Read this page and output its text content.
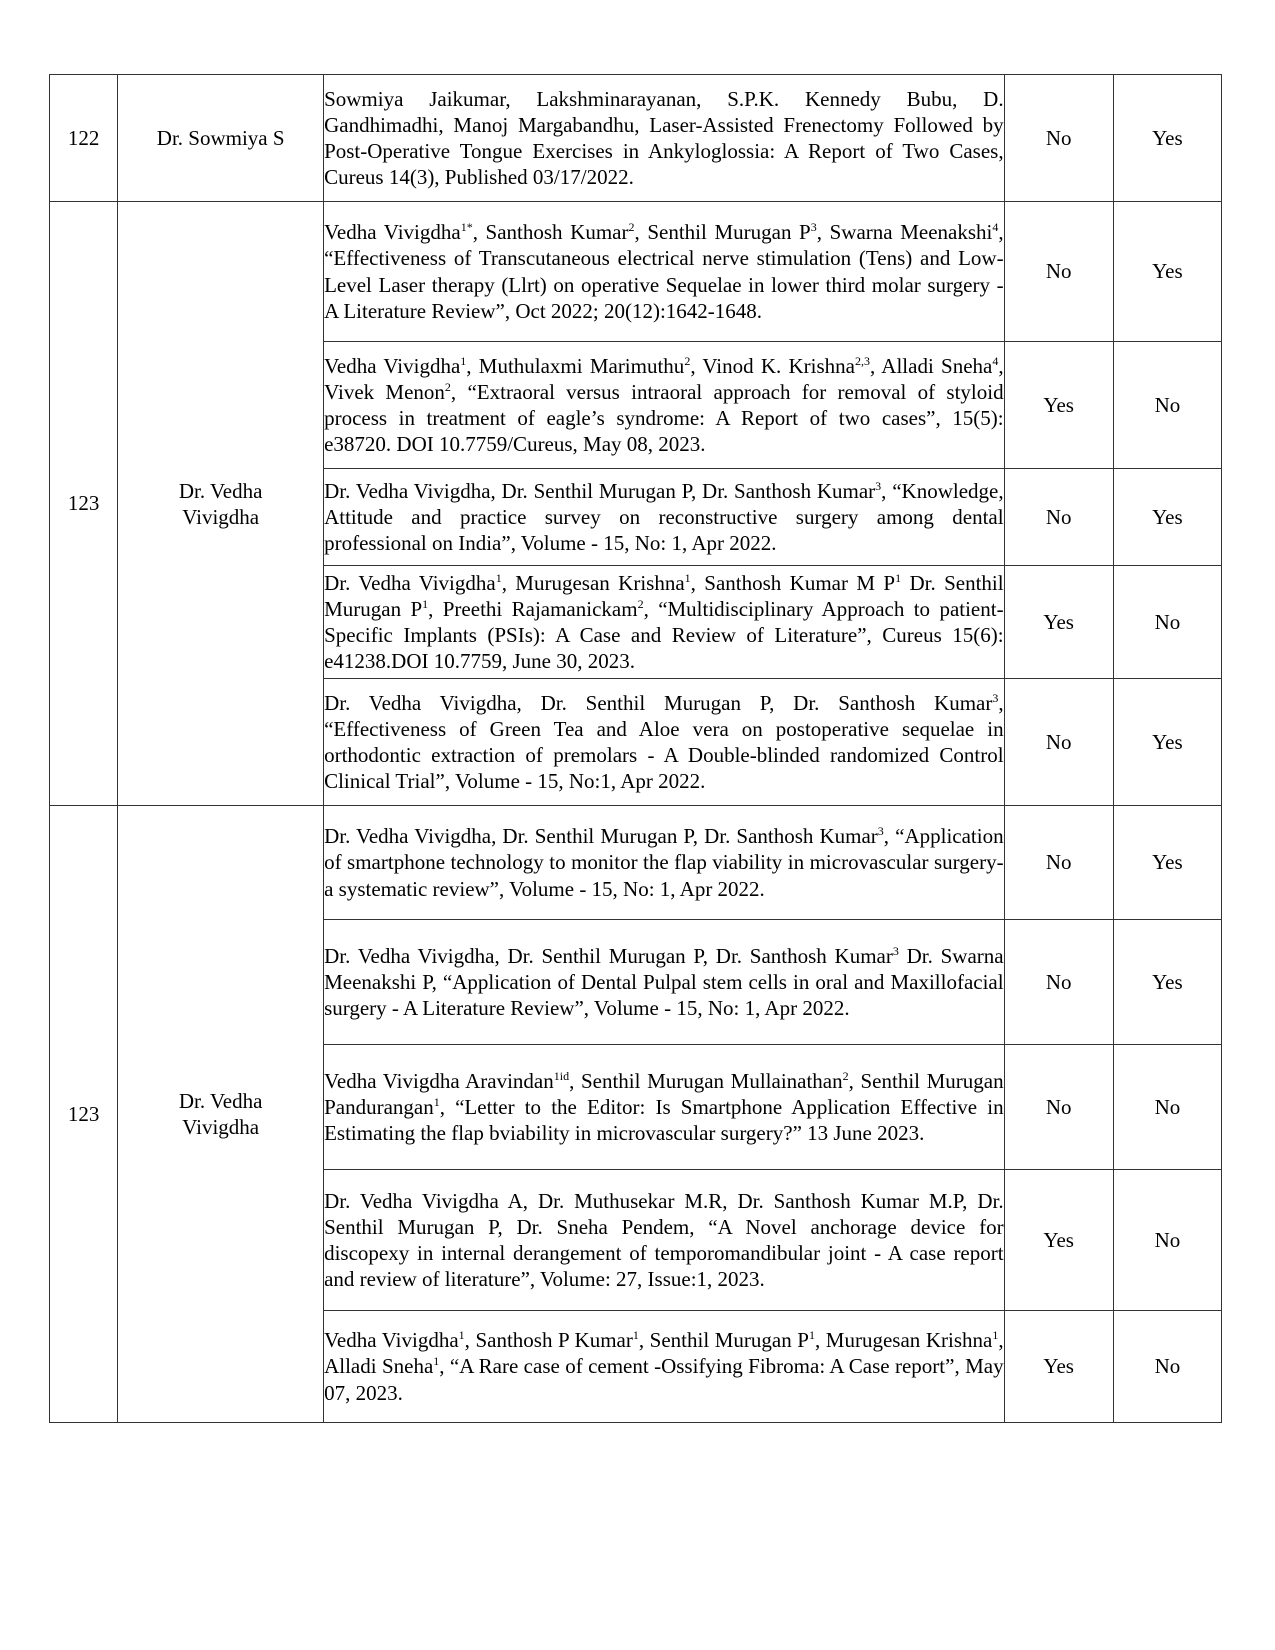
122	Dr. Sowmiya S	Sowmiya Jaikumar, Lakshminarayanan, S.P.K. Kennedy Bubu, D. Gandhimadhi, Manoj Margabandhu, Laser-Assisted Frenectomy Followed by Post-Operative Tongue Exercises in Ankyloglossia: A Report of Two Cases, Cureus 14(3), Published 03/17/2022.	No	Yes
123	Dr. Vedha Vivigdha	Vedha Vivigdha$^{1*}$, Santhosh Kumar$^2$, Senthil Murugan $P^3$, Swarna Meenakshi$^4$, “Effectiveness of Transcutaneous electrical nerve stimulation (Tens) and Low-Level Laser therapy (Llrt) on operative Sequelae in lower third molar surgery - A Literature Review”, Oct 2022; 20(12):1642-1648.	No	Yes
		Vedha Vivigdha$^1$, Muthulaxmi Marimuthu$^2$, Vinod K. Krishna$^{2,3}$, Alladi Sneha$^4$, Vivek Menon$^2$, “Extraoral versus intraoral approach for removal of styloid process in treatment of eagle’s syndrome: A Report of two cases”, 15(5): e38720. DOI 10.7759/Cureus, May 08, 2023.	Yes	No
		Dr. Vedha Vivigdha, Dr. Senthil Murugan P, Dr. Santhosh Kumar$^3$, “Knowledge, Attitude and practice survey on reconstructive surgery among dental professional on India”, Volume - 15, No: 1, Apr 2022.	No	Yes
		Dr. Vedha Vivigdha$^1$, Murugesan Krishna$^1$, Santhosh Kumar M $P^1$ Dr. Senthil Murugan $P^1$, Preethi Rajamanickam$^2$, “Multidisciplinary Approach to patient-Specific Implants (PSIs): A Case and Review of Literature”, Cureus 15(6): e41238.DOI 10.7759, June 30, 2023.	Yes	No
		Dr. Vedha Vivigdha, Dr. Senthil Murugan P, Dr. Santhosh Kumar$^3$, “Effectiveness of Green Tea and Aloe vera on postoperative sequelae in orthodontic extraction of premolars - A Double-blinded randomized Control Clinical Trial”, Volume - 15, No:1, Apr 2022.	No	Yes
123	Dr. Vedha Vivigdha	Dr. Vedha Vivigdha, Dr. Senthil Murugan P, Dr. Santhosh Kumar$^3$, “Application of smartphone technology to monitor the flap viability in microvascular surgery-a systematic review”, Volume - 15, No: 1, Apr 2022.	No	Yes
		Dr. Vedha Vivigdha, Dr. Senthil Murugan P, Dr. Santhosh Kumar$^3$ Dr. Swarna Meenakshi P, “Application of Dental Pulpal stem cells in oral and Maxillofacial surgery - A Literature Review”, Volume - 15, No: 1, Apr 2022.	No	Yes
		Vedha Vivigdha Aravindan$^{1id}$, Senthil Murugan Mullainathan$^2$, Senthil Murugan Pandurangan$^1$, “Letter to the Editor: Is Smartphone Application Effective in Estimating the flap bviability in microvascular surgery?” 13 June 2023.	No	No
		Dr. Vedha Vivigdha A, Dr. Muthusekar M.R, Dr. Santhosh Kumar M.P, Dr. Senthil Murugan P, Dr. Sneha Pendem, “A Novel anchorage device for discopexy in internal derangement of temporomandibular joint - A case report and review of literature”, Volume: 27, Issue:1, 2023.	Yes	No
		Vedha Vivigdha$^1$, Santhosh P Kumar$^1$, Senthil Murugan $P^1$, Murugesan Krishna$^1$, Alladi Sneha$^1$, “A Rare case of cement -Ossifying Fibroma: A Case report”, May 07, 2023.	Yes	No
